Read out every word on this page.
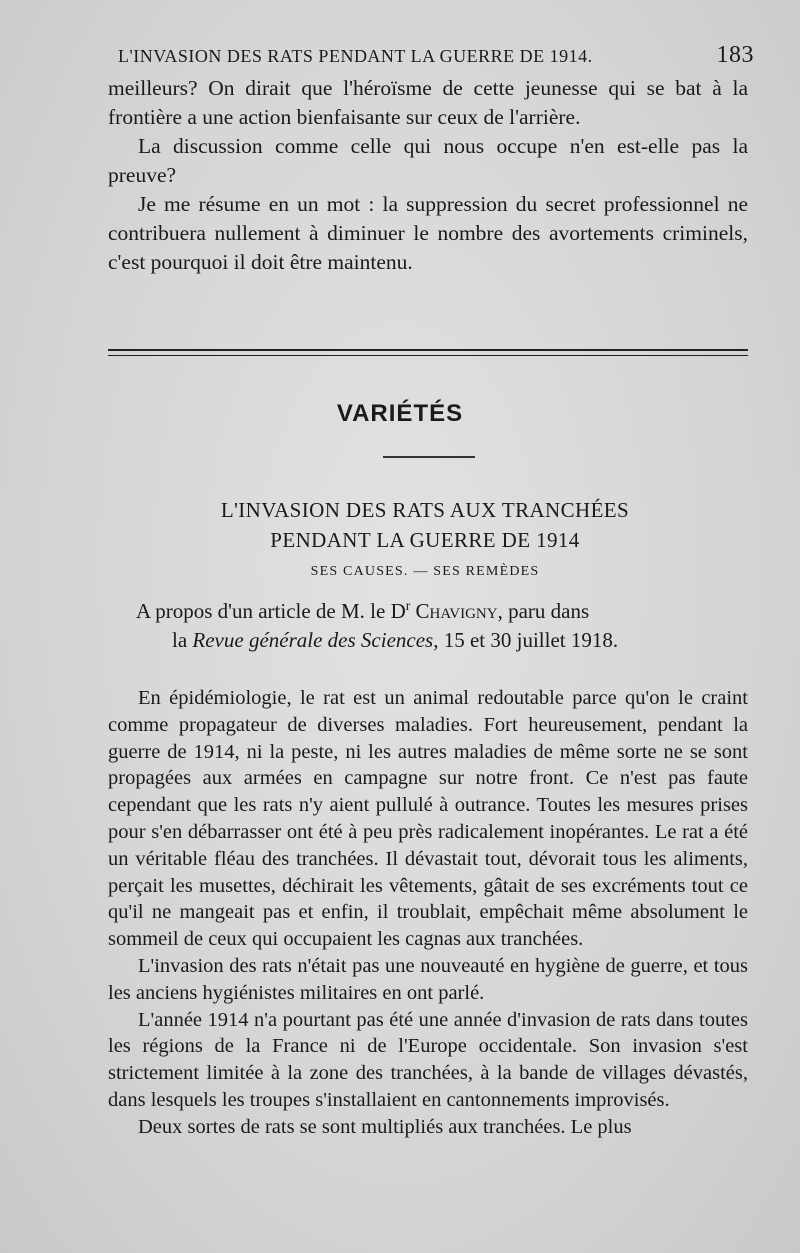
L'INVASION DES RATS PENDANT LA GUERRE DE 1914.	183

meilleurs? On dirait que l'héroïsme de cette jeunesse qui se bat à la frontière a une action bienfaisante sur ceux de l'arrière.

La discussion comme celle qui nous occupe n'en est-elle pas la preuve?

Je me résume en un mot : la suppression du secret professionnel ne contribuera nullement à diminuer le nombre des avortements criminels, c'est pourquoi il doit être maintenu.

VARIÉTÉS
L'INVASION DES RATS AUX TRANCHÉES
PENDANT LA GUERRE DE 1914
SES CAUSES. — SES REMÈDES
A propos d'un article de M. le $D^r$ Chavigny, paru dans
la Revue générale des Sciences, 15 et 30 juillet 1918.

En épidémiologie, le rat est un animal redoutable parce qu'on le craint comme propagateur de diverses maladies. Fort heureusement, pendant la guerre de 1914, ni la peste, ni les autres maladies de même sorte ne se sont propagées aux armées en campagne sur notre front. Ce n'est pas faute cependant que les rats n'y aient pullulé à outrance. Toutes les mesures prises pour s'en débarrasser ont été à peu près radicalement inopérantes. Le rat a été un véritable fléau des tranchées. Il dévastait tout, dévorait tous les aliments, perçait les musettes, déchirait les vêtements, gâtait de ses excréments tout ce qu'il ne mangeait pas et enfin, il troublait, empêchait même absolument le sommeil de ceux qui occupaient les cagnas aux tranchées.

L'invasion des rats n'était pas une nouveauté en hygiène de guerre, et tous les anciens hygiénistes militaires en ont parlé.

L'année 1914 n'a pourtant pas été une année d'invasion de rats dans toutes les régions de la France ni de l'Europe occidentale. Son invasion s'est strictement limitée à la zone des tranchées, à la bande de villages dévastés, dans lesquels les troupes s'installaient en cantonnements improvisés.

Deux sortes de rats se sont multipliés aux tranchées. Le plus
